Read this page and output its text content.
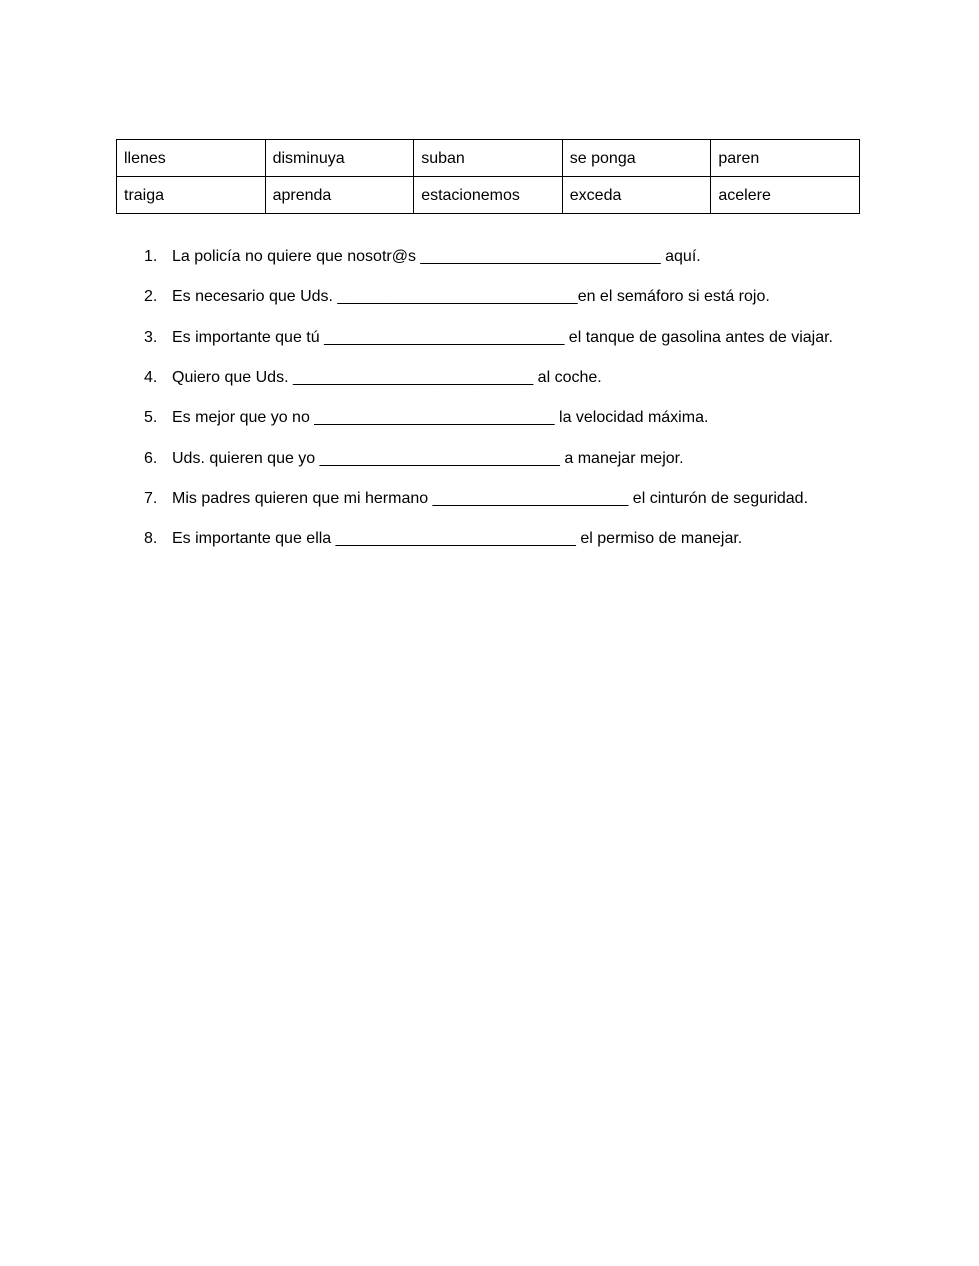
llenes	disminuya	suban	se ponga	paren
traiga	aprenda	estacionemos	exceda	acelere
1. La policía no quiere que nosotr@s ___________________________ aquí.
2. Es necesario que Uds. ___________________________en el semáforo si está rojo.
3. Es importante que tú ___________________________ el tanque de gasolina antes de viajar.
4. Quiero que Uds. ___________________________ al coche.
5. Es mejor que yo no ___________________________ la velocidad máxima.
6. Uds. quieren que yo ___________________________ a manejar mejor.
7. Mis padres quieren que mi hermano ______________________ el cinturón de seguridad.
8. Es importante que ella ___________________________ el permiso de manejar.
